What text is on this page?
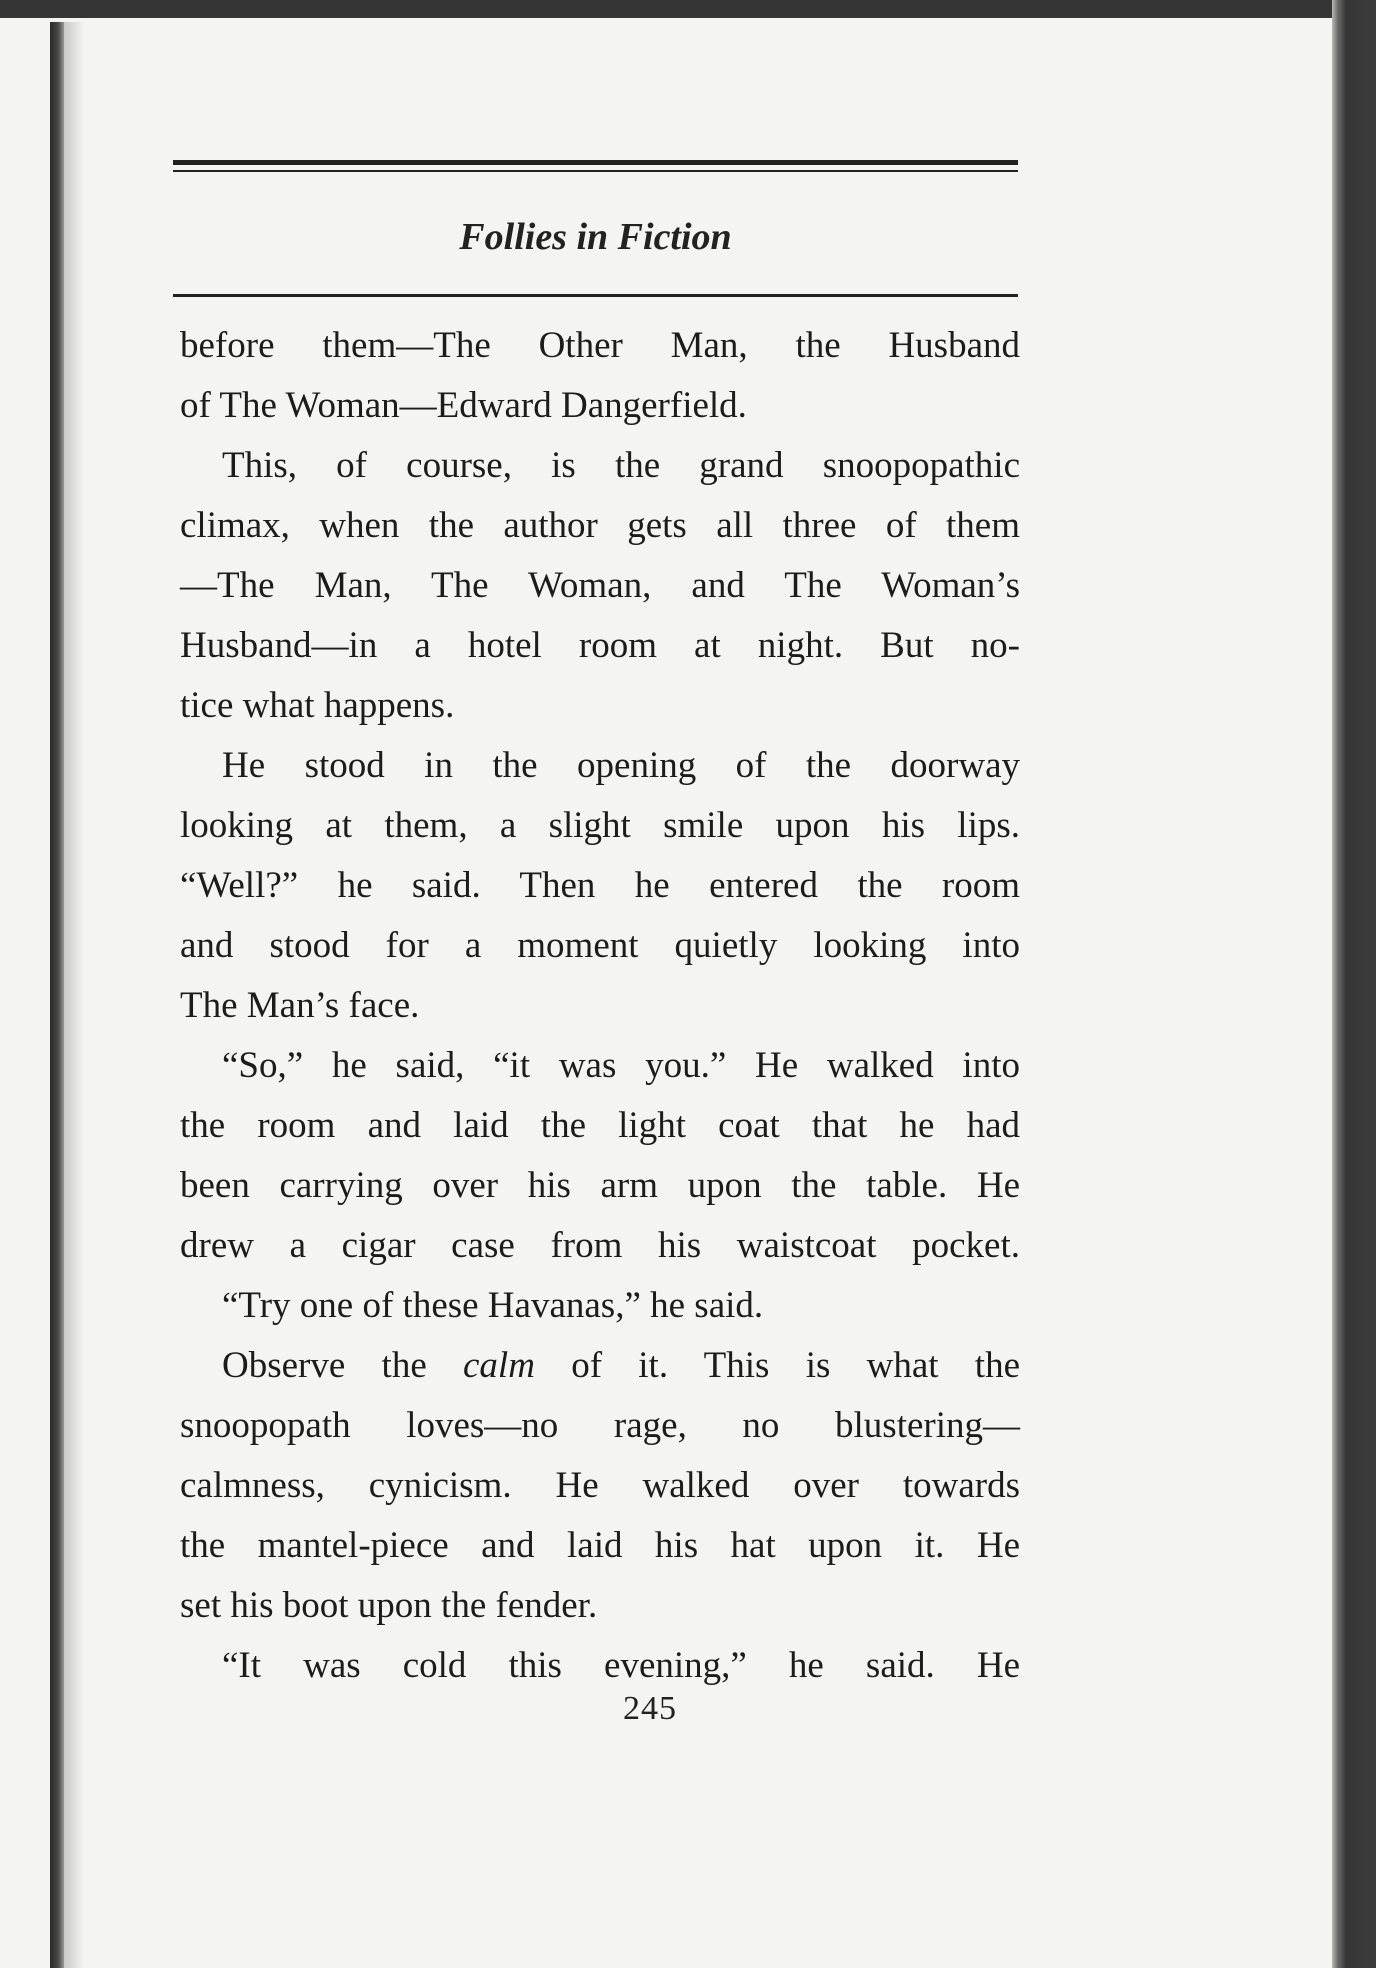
Follies in Fiction
before them—The Other Man, the Husband
of The Woman—Edward Dangerfield.
This, of course, is the grand snoopopathic
climax, when the author gets all three of them
—The Man, The Woman, and The Woman’s
Husband—in a hotel room at night. But no-
tice what happens.
He stood in the opening of the doorway
looking at them, a slight smile upon his lips.
“Well?” he said. Then he entered the room
and stood for a moment quietly looking into
The Man’s face.
“So,” he said, “it was you.” He walked into
the room and laid the light coat that he had
been carrying over his arm upon the table. He
drew a cigar case from his waistcoat pocket.
“Try one of these Havanas,” he said.
Observe the calm of it. This is what the
snoopopath loves—no rage, no blustering—
calmness, cynicism. He walked over towards
the mantel-piece and laid his hat upon it. He
set his boot upon the fender.
“It was cold this evening,” he said. He
245
